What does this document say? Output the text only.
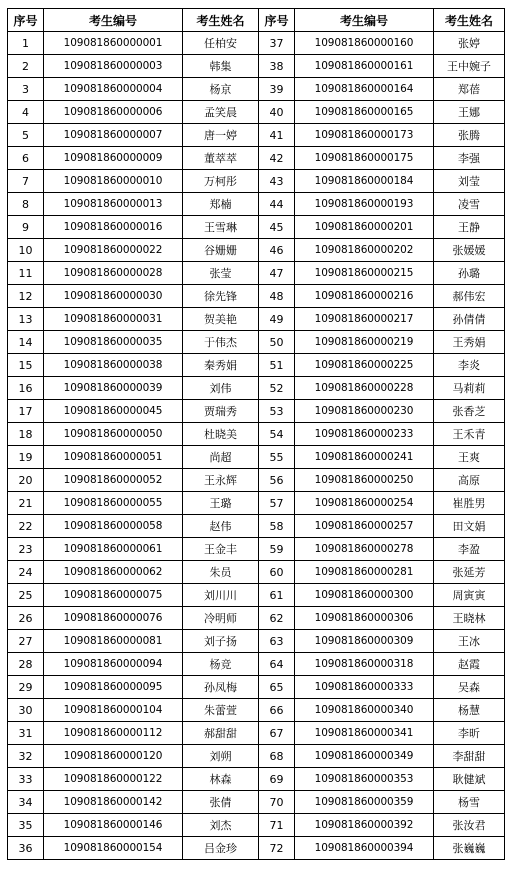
序号	考生编号	考生姓名	序号	考生编号	考生姓名
1	109081860000001	任柏安	37	109081860000160	张婷
2	109081860000003	韩集	38	109081860000161	王中婉子
3	109081860000004	杨京	39	109081860000164	郑蓓
4	109081860000006	孟笑晨	40	109081860000165	王娜
5	109081860000007	唐一婷	41	109081860000173	张腾
6	109081860000009	董萃萃	42	109081860000175	李强
7	109081860000010	万柯彤	43	109081860000184	刘莹
8	109081860000013	郑楠	44	109081860000193	凌雪
9	109081860000016	王雪琳	45	109081860000201	王静
10	109081860000022	谷姗姗	46	109081860000202	张媛媛
11	109081860000028	张莹	47	109081860000215	孙璐
12	109081860000030	徐先锋	48	109081860000216	郝伟宏
13	109081860000031	贺美艳	49	109081860000217	孙倩倩
14	109081860000035	于伟杰	50	109081860000219	王秀娟
15	109081860000038	秦秀娟	51	109081860000225	李炎
16	109081860000039	刘伟	52	109081860000228	马莉莉
17	109081860000045	贾瑞秀	53	109081860000230	张香芝
18	109081860000050	杜晓美	54	109081860000233	王禾青
19	109081860000051	尚超	55	109081860000241	王爽
20	109081860000052	王永辉	56	109081860000250	高原
21	109081860000055	王璐	57	109081860000254	崔胜男
22	109081860000058	赵伟	58	109081860000257	田文娟
23	109081860000061	王金丰	59	109081860000278	李盈
24	109081860000062	朱员	60	109081860000281	张延芳
25	109081860000075	刘川川	61	109081860000300	周寅寅
26	109081860000076	冷明师	62	109081860000306	王晓林
27	109081860000081	刘子扬	63	109081860000309	王冰
28	109081860000094	杨竞	64	109081860000318	赵霞
29	109081860000095	孙凤梅	65	109081860000333	吴森
30	109081860000104	朱蕾萱	66	109081860000340	杨慧
31	109081860000112	郝甜甜	67	109081860000341	李昕
32	109081860000120	刘朔	68	109081860000349	李甜甜
33	109081860000122	林森	69	109081860000353	耿健斌
34	109081860000142	张倩	70	109081860000359	杨雪
35	109081860000146	刘杰	71	109081860000392	张汝君
36	109081860000154	吕金珍	72	109081860000394	张巍巍
